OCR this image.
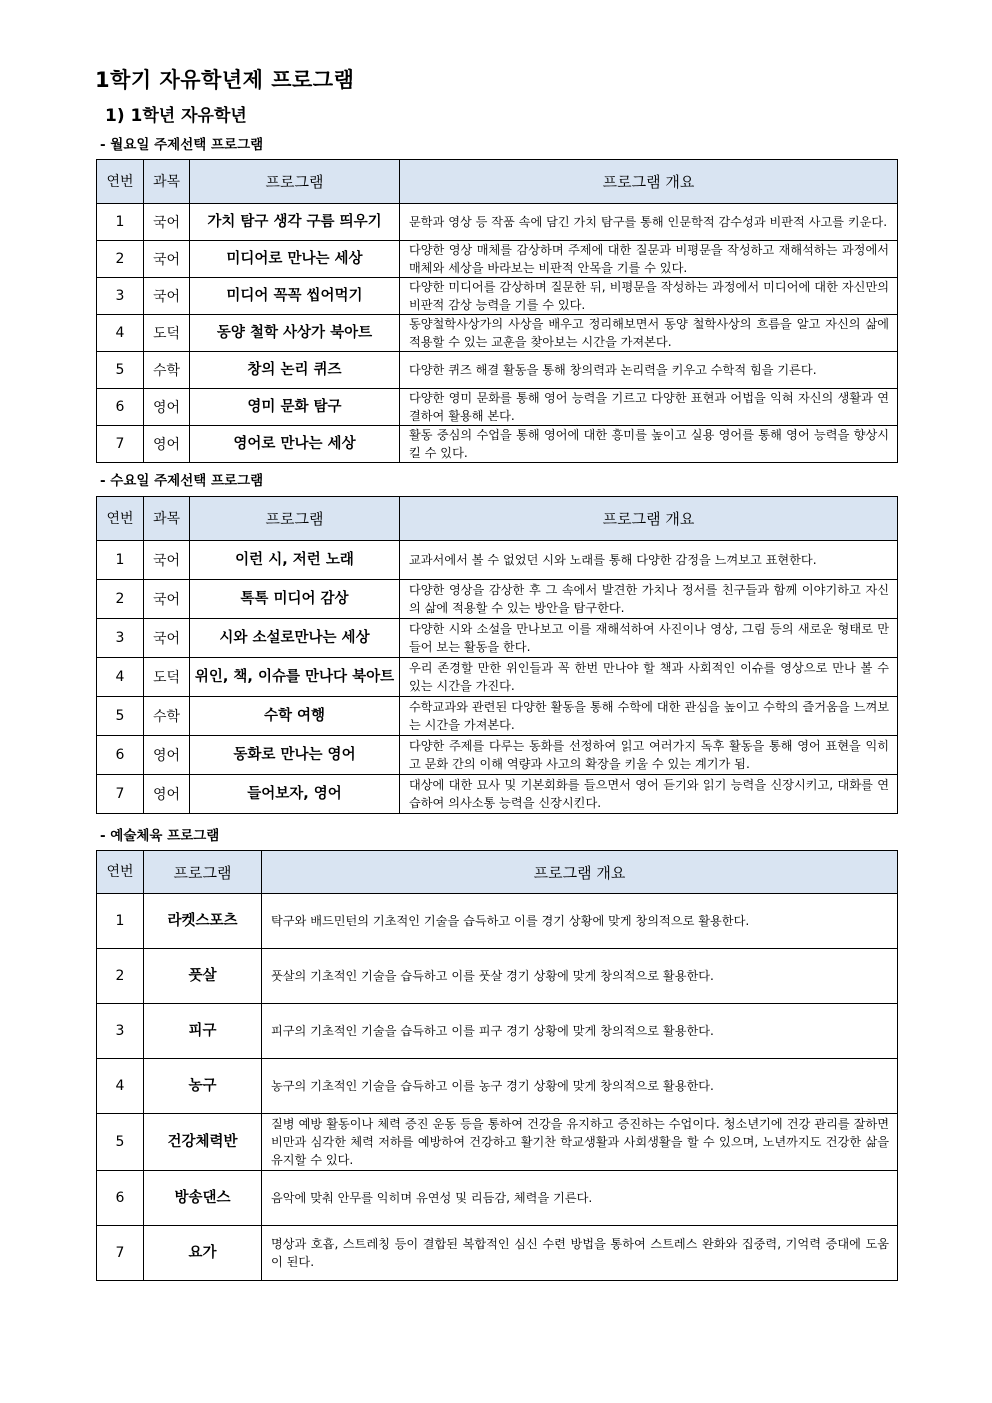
1학기 자유학년제 프로그램
1) 1학년 자유학년
- 월요일 주제선택 프로그램
연번	과목	프로그램	프로그램 개요
1	국어	가치 탐구 생각 구름 띄우기	문학과 영상 등 작품 속에 담긴 가치 탐구를 통해 인문학적 감수성과 비판적 사고를 키운다.
2	국어	미디어로 만나는 세상	다양한 영상 매체를 감상하며 주제에 대한 질문과 비평문을 작성하고 재해석하는 과정에서 매체와 세상을 바라보는 비판적 안목을 기를 수 있다.
3	국어	미디어 꼭꼭 씹어먹기	다양한 미디어를 감상하며 질문한 뒤, 비평문을 작성하는 과정에서 미디어에 대한 자신만의 비판적 감상 능력을 기를 수 있다.
4	도덕	동양 철학 사상가 북아트	동양철학사상가의 사상을 배우고 정리해보면서 동양 철학사상의 흐름을 알고 자신의 삶에 적용할 수 있는 교훈을 찾아보는 시간을 가져본다.
5	수학	창의 논리 퀴즈	다양한 퀴즈 해결 활동을 통해 창의력과 논리력을 키우고 수학적 힘을 기른다.
6	영어	영미 문화 탐구	다양한 영미 문화를 통해 영어 능력을 기르고 다양한 표현과 어법을 익혀 자신의 생활과 연결하여 활용해 본다.
7	영어	영어로 만나는 세상	활동 중심의 수업을 통해 영어에 대한 흥미를 높이고 실용 영어를 통해 영어 능력을 향상시킬 수 있다.
- 수요일 주제선택 프로그램
연번	과목	프로그램	프로그램 개요
1	국어	이런 시, 저런 노래	교과서에서 볼 수 없었던 시와 노래를 통해 다양한 감정을 느껴보고 표현한다.
2	국어	톡톡 미디어 감상	다양한 영상을 감상한 후 그 속에서 발견한 가치나 정서를 친구들과 함께 이야기하고 자신의 삶에 적용할 수 있는 방안을 탐구한다.
3	국어	시와 소설로만나는 세상	다양한 시와 소설을 만나보고 이를 재해석하여 사진이나 영상, 그림 등의 새로운 형태로 만들어 보는 활동을 한다.
4	도덕	위인, 책, 이슈를 만나다 북아트	우리 존경할 만한 위인들과 꼭 한번 만나야 할 책과 사회적인 이슈를 영상으로 만나 볼 수 있는 시간을 가진다.
5	수학	수학 여행	수학교과와 관련된 다양한 활동을 통해 수학에 대한 관심을 높이고 수학의 즐거움을 느껴보는 시간을 가져본다.
6	영어	동화로 만나는 영어	다양한 주제를 다루는 동화를 선정하여 읽고 여러가지 독후 활동을 통해 영어 표현을 익히고 문화 간의 이해 역량과 사고의 확장을 키울 수 있는 계기가 됨.
7	영어	들어보자, 영어	대상에 대한 묘사 및 기본회화를 들으면서 영어 듣기와 읽기 능력을 신장시키고, 대화를 연습하여 의사소통 능력을 신장시킨다.
- 예술체육 프로그램
연번	프로그램	프로그램 개요
1	라켓스포츠	탁구와 배드민턴의 기초적인 기술을 습득하고 이를 경기 상황에 맞게 창의적으로 활용한다.
2	풋살	풋살의 기초적인 기술을 습득하고 이를 풋살 경기 상황에 맞게 창의적으로 활용한다.
3	피구	피구의 기초적인 기술을 습득하고 이를 피구 경기 상황에 맞게 창의적으로 활용한다.
4	농구	농구의 기초적인 기술을 습득하고 이를 농구 경기 상황에 맞게 창의적으로 활용한다.
5	건강체력반	질병 예방 활동이나 체력 증진 운동 등을 통하여 건강을 유지하고 증진하는 수업이다. 청소년기에 건강 관리를 잘하면 비만과 심각한 체력 저하를 예방하여 건강하고 활기찬 학교생활과 사회생활을 할 수 있으며, 노년까지도 건강한 삶을 유지할 수 있다.
6	방송댄스	음악에 맞춰 안무를 익히며 유연성 및 리듬감, 체력을 기른다.
7	요가	명상과 호흡, 스트레칭 등이 결합된 복합적인 심신 수련 방법을 통하여 스트레스 완화와 집중력, 기억력 증대에 도움이 된다.
